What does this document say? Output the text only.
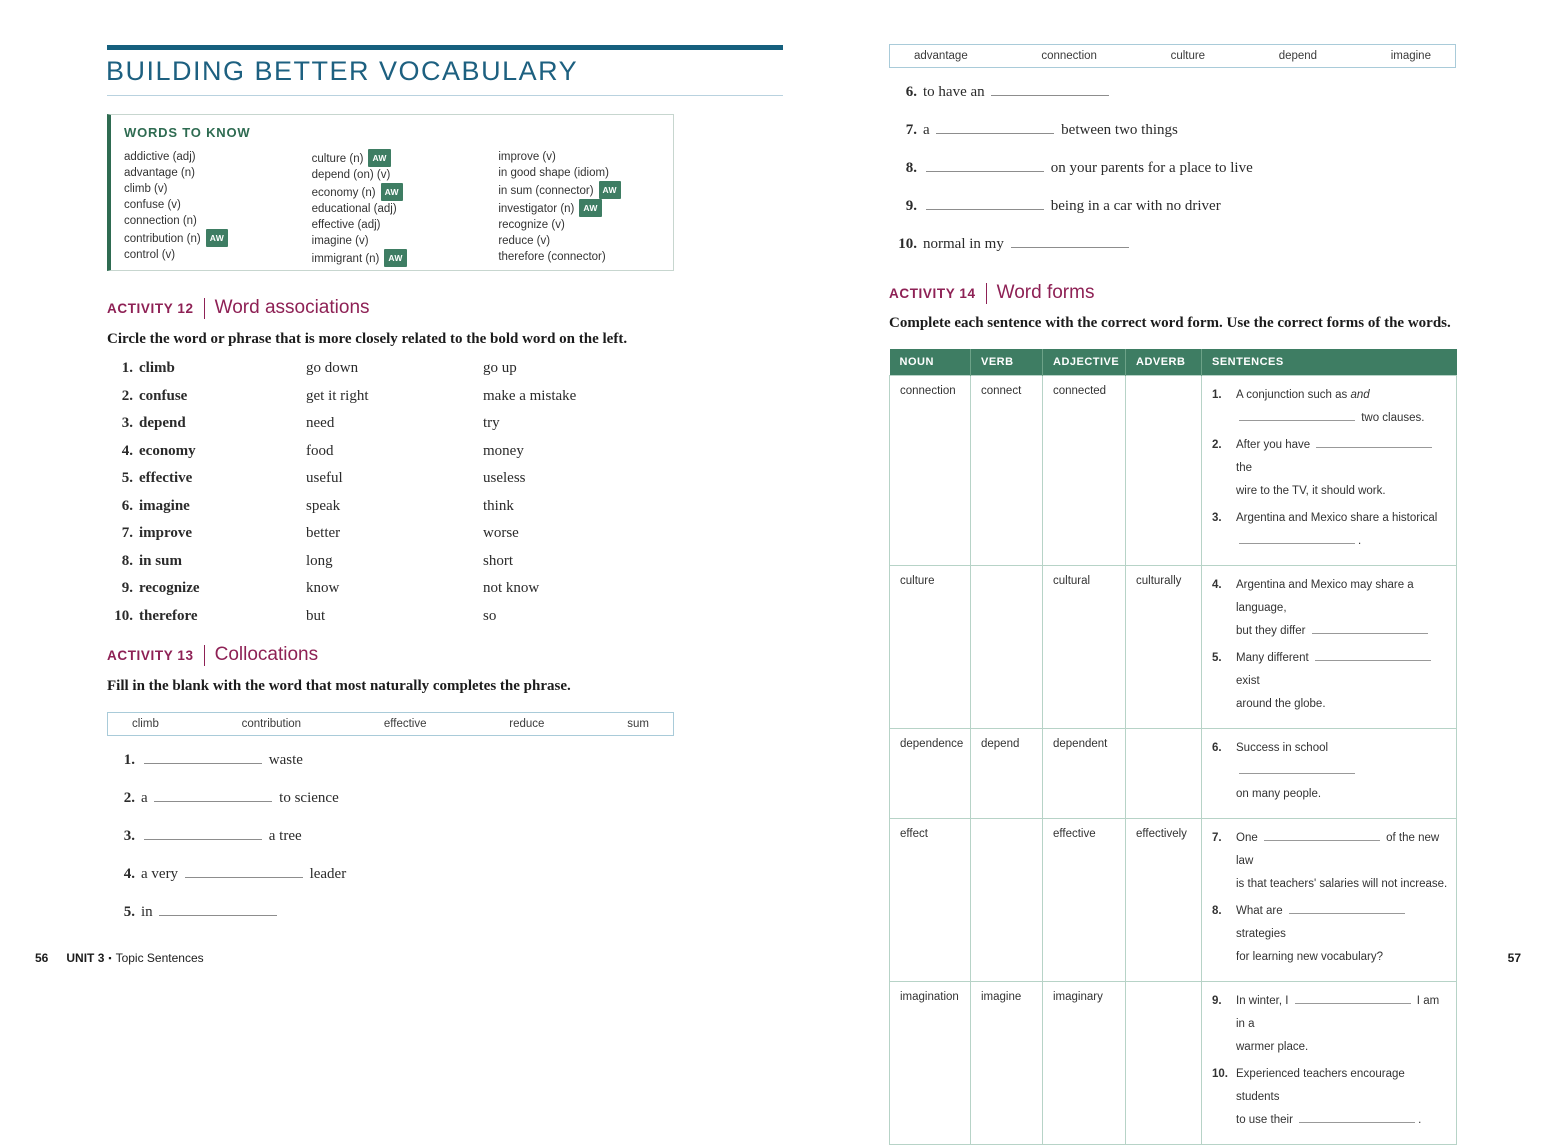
BUILDING BETTER VOCABULARY
WORDS TO KNOW
addictive (adj)
advantage (n)
climb (v)
confuse (v)
connection (n)
contribution (n) AW
control (v)
culture (n) AW
depend (on) (v)
economy (n) AW
educational (adj)
effective (adj)
imagine (v)
immigrant (n) AW
improve (v)
in good shape (idiom)
in sum (connector) AW
investigator (n) AW
recognize (v)
reduce (v)
therefore (connector)
ACTIVITY 12 Word associations

Circle the word or phrase that is more closely related to the bold word on the left.

1. climb	go down	go up
2. confuse	get it right	make a mistake
3. depend	need	try
4. economy	food	money
5. effective	useful	useless
6. imagine	speak	think
7. improve	better	worse
8. in sum	long	short
9. recognize	know	not know
10. therefore	but	so
ACTIVITY 13 Collocations

Fill in the blank with the word that most naturally completes the phrase.

climb	contribution	effective	reduce	sum
1.	waste
2. a	to science
3.	a tree
4. a very	leader
5. in
56 UNIT 3 ▪ Topic Sentences
advantage	connection	culture	depend	imagine
6. to have an
7. a	between two things
8.	on your parents for a place to live
9.	being in a car with no driver
10. normal in my
ACTIVITY 14 Word forms

Complete each sentence with the correct word form. Use the correct forms of the words.

NOUN	VERB	ADJECTIVE	ADVERB	SENTENCES
connection	connect	connected		1. A conjunction such as and
two clauses.
2. After you have  the
wire to the TV, it should work.
3. Argentina and Mexico share a historical
.

culture		cultural	culturally	4. Argentina and Mexico may share a language,
but they differ
5. Many different  exist
around the globe.

dependence	depend	dependent		6. Success in school
on many people.

effect		effective	effectively	7. One	of the new law
is that teachers' salaries will not increase.
8. What are  strategies
for learning new vocabulary?

imagination	imagine	imaginary		9. In winter, I	I am in a
warmer place.
10. Experienced teachers encourage students
to use their	.
57
